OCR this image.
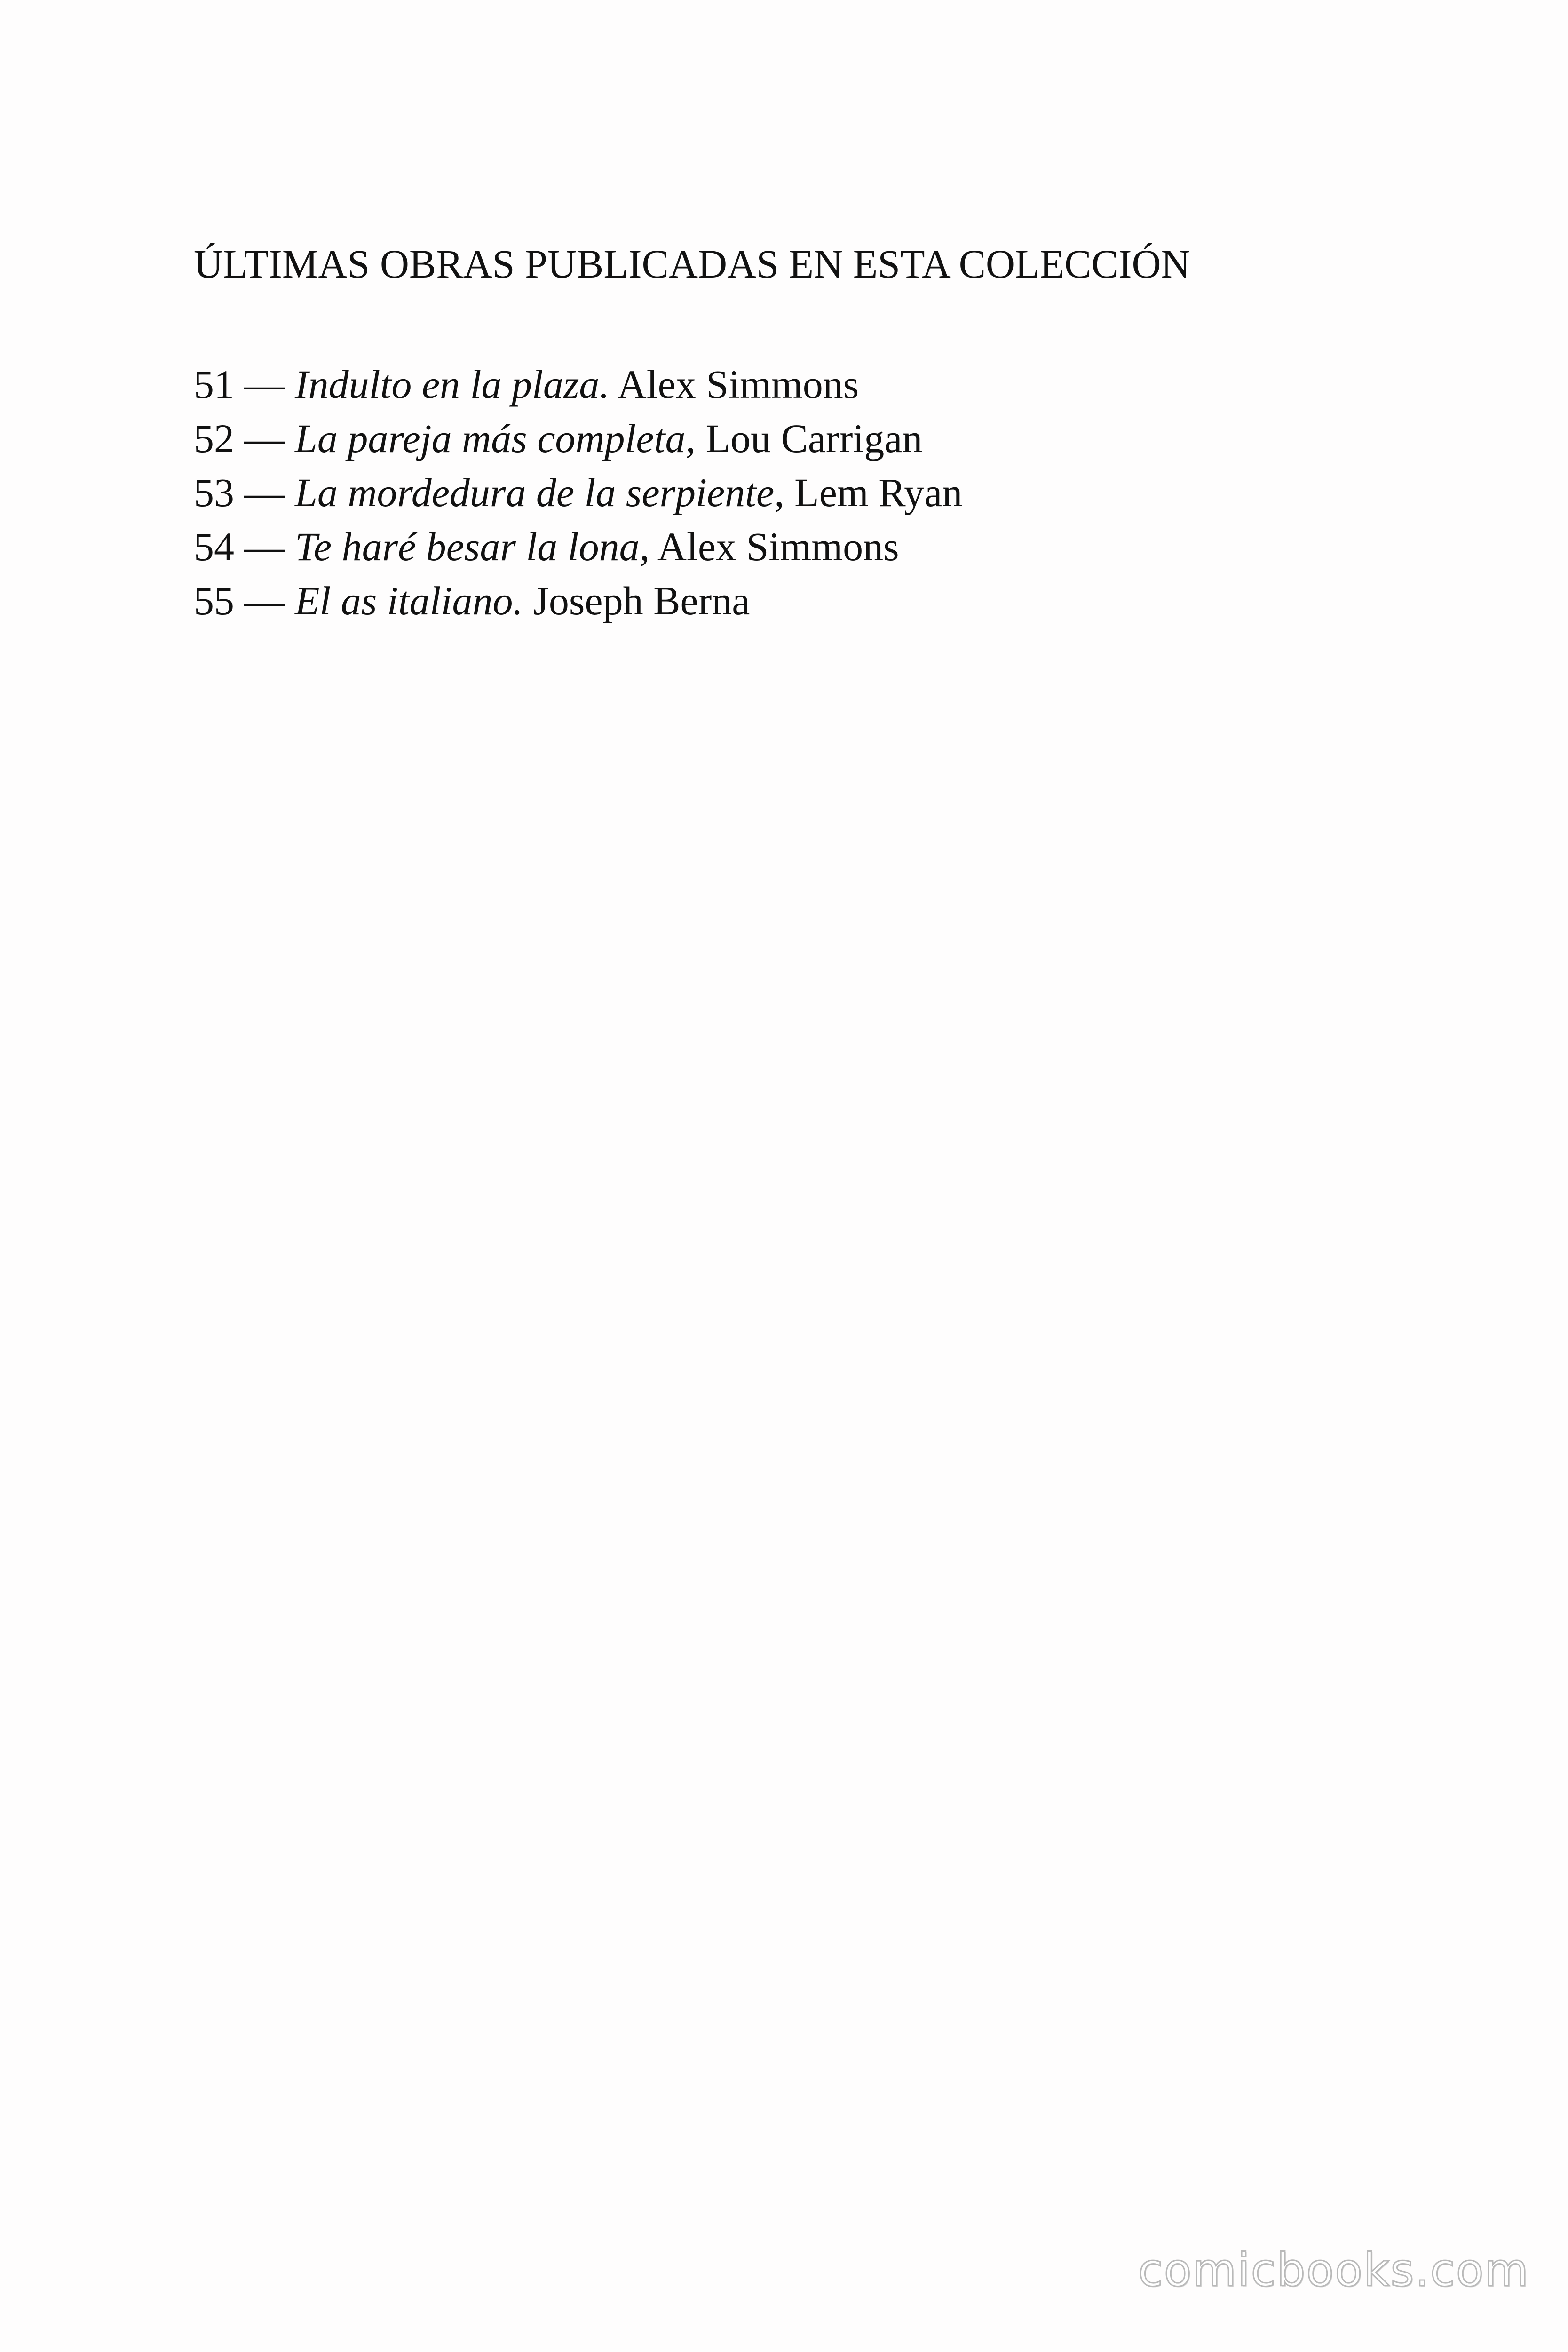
ÚLTIMAS OBRAS PUBLICADAS EN ESTA COLECCIÓN
51 — Indulto en la plaza. Alex Simmons
52 — La pareja más completa, Lou Carrigan
53 — La mordedura de la serpiente, Lem Ryan
54 — Te haré besar la lona, Alex Simmons
55 — El as italiano. Joseph Berna
comicbooks.com
